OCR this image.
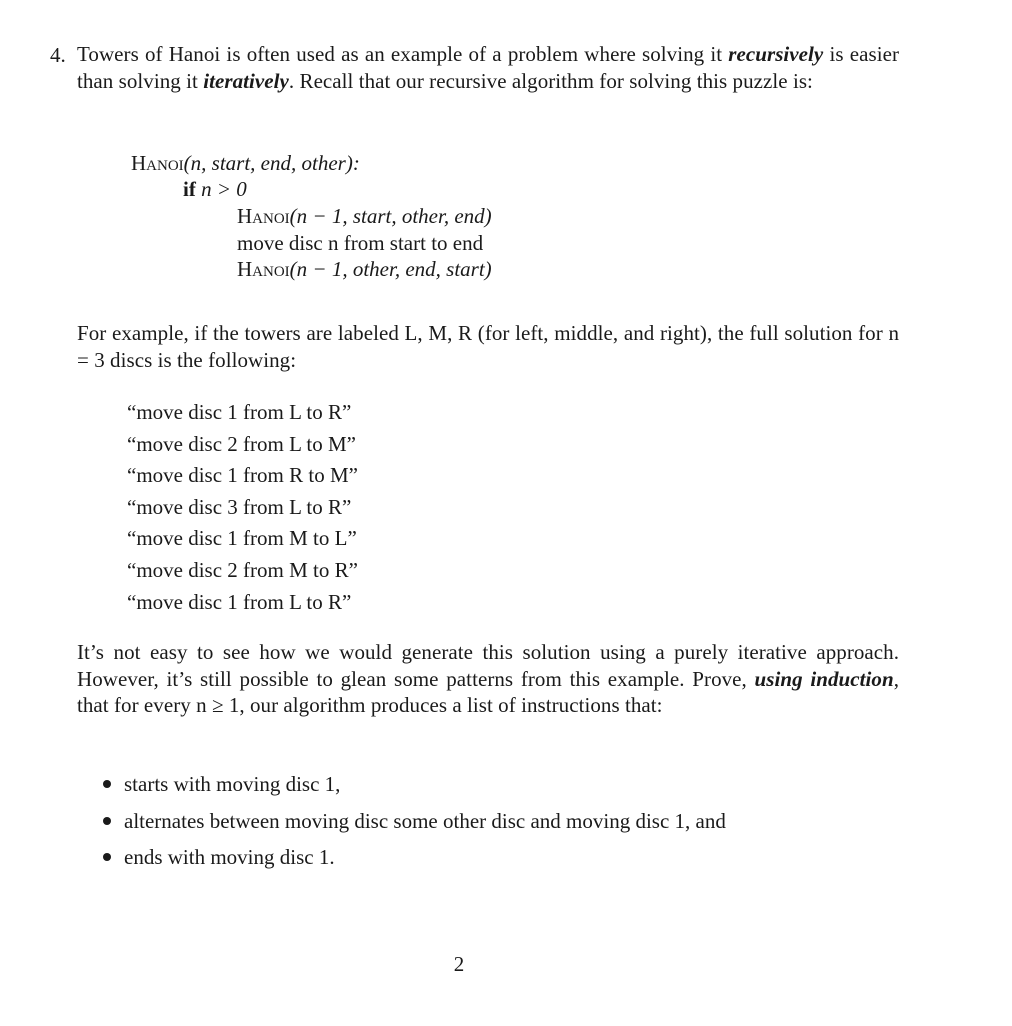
4. Towers of Hanoi is often used as an example of a problem where solving it recursively is easier than solving it iteratively. Recall that our recursive algorithm for solving this puzzle is:
Hanoi(n, start, end, other):
if n > 0
Hanoi(n − 1, start, other, end)
move disc n from start to end
Hanoi(n − 1, other, end, start)
For example, if the towers are labeled L, M, R (for left, middle, and right), the full solution for n = 3 discs is the following:
“move disc 1 from L to R”
“move disc 2 from L to M”
“move disc 1 from R to M”
“move disc 3 from L to R”
“move disc 1 from M to L”
“move disc 2 from M to R”
“move disc 1 from L to R”
It’s not easy to see how we would generate this solution using a purely iterative approach. However, it’s still possible to glean some patterns from this example. Prove, using induction, that for every n ≥ 1, our algorithm produces a list of instructions that:
starts with moving disc 1,
alternates between moving disc some other disc and moving disc 1, and
ends with moving disc 1.
2
